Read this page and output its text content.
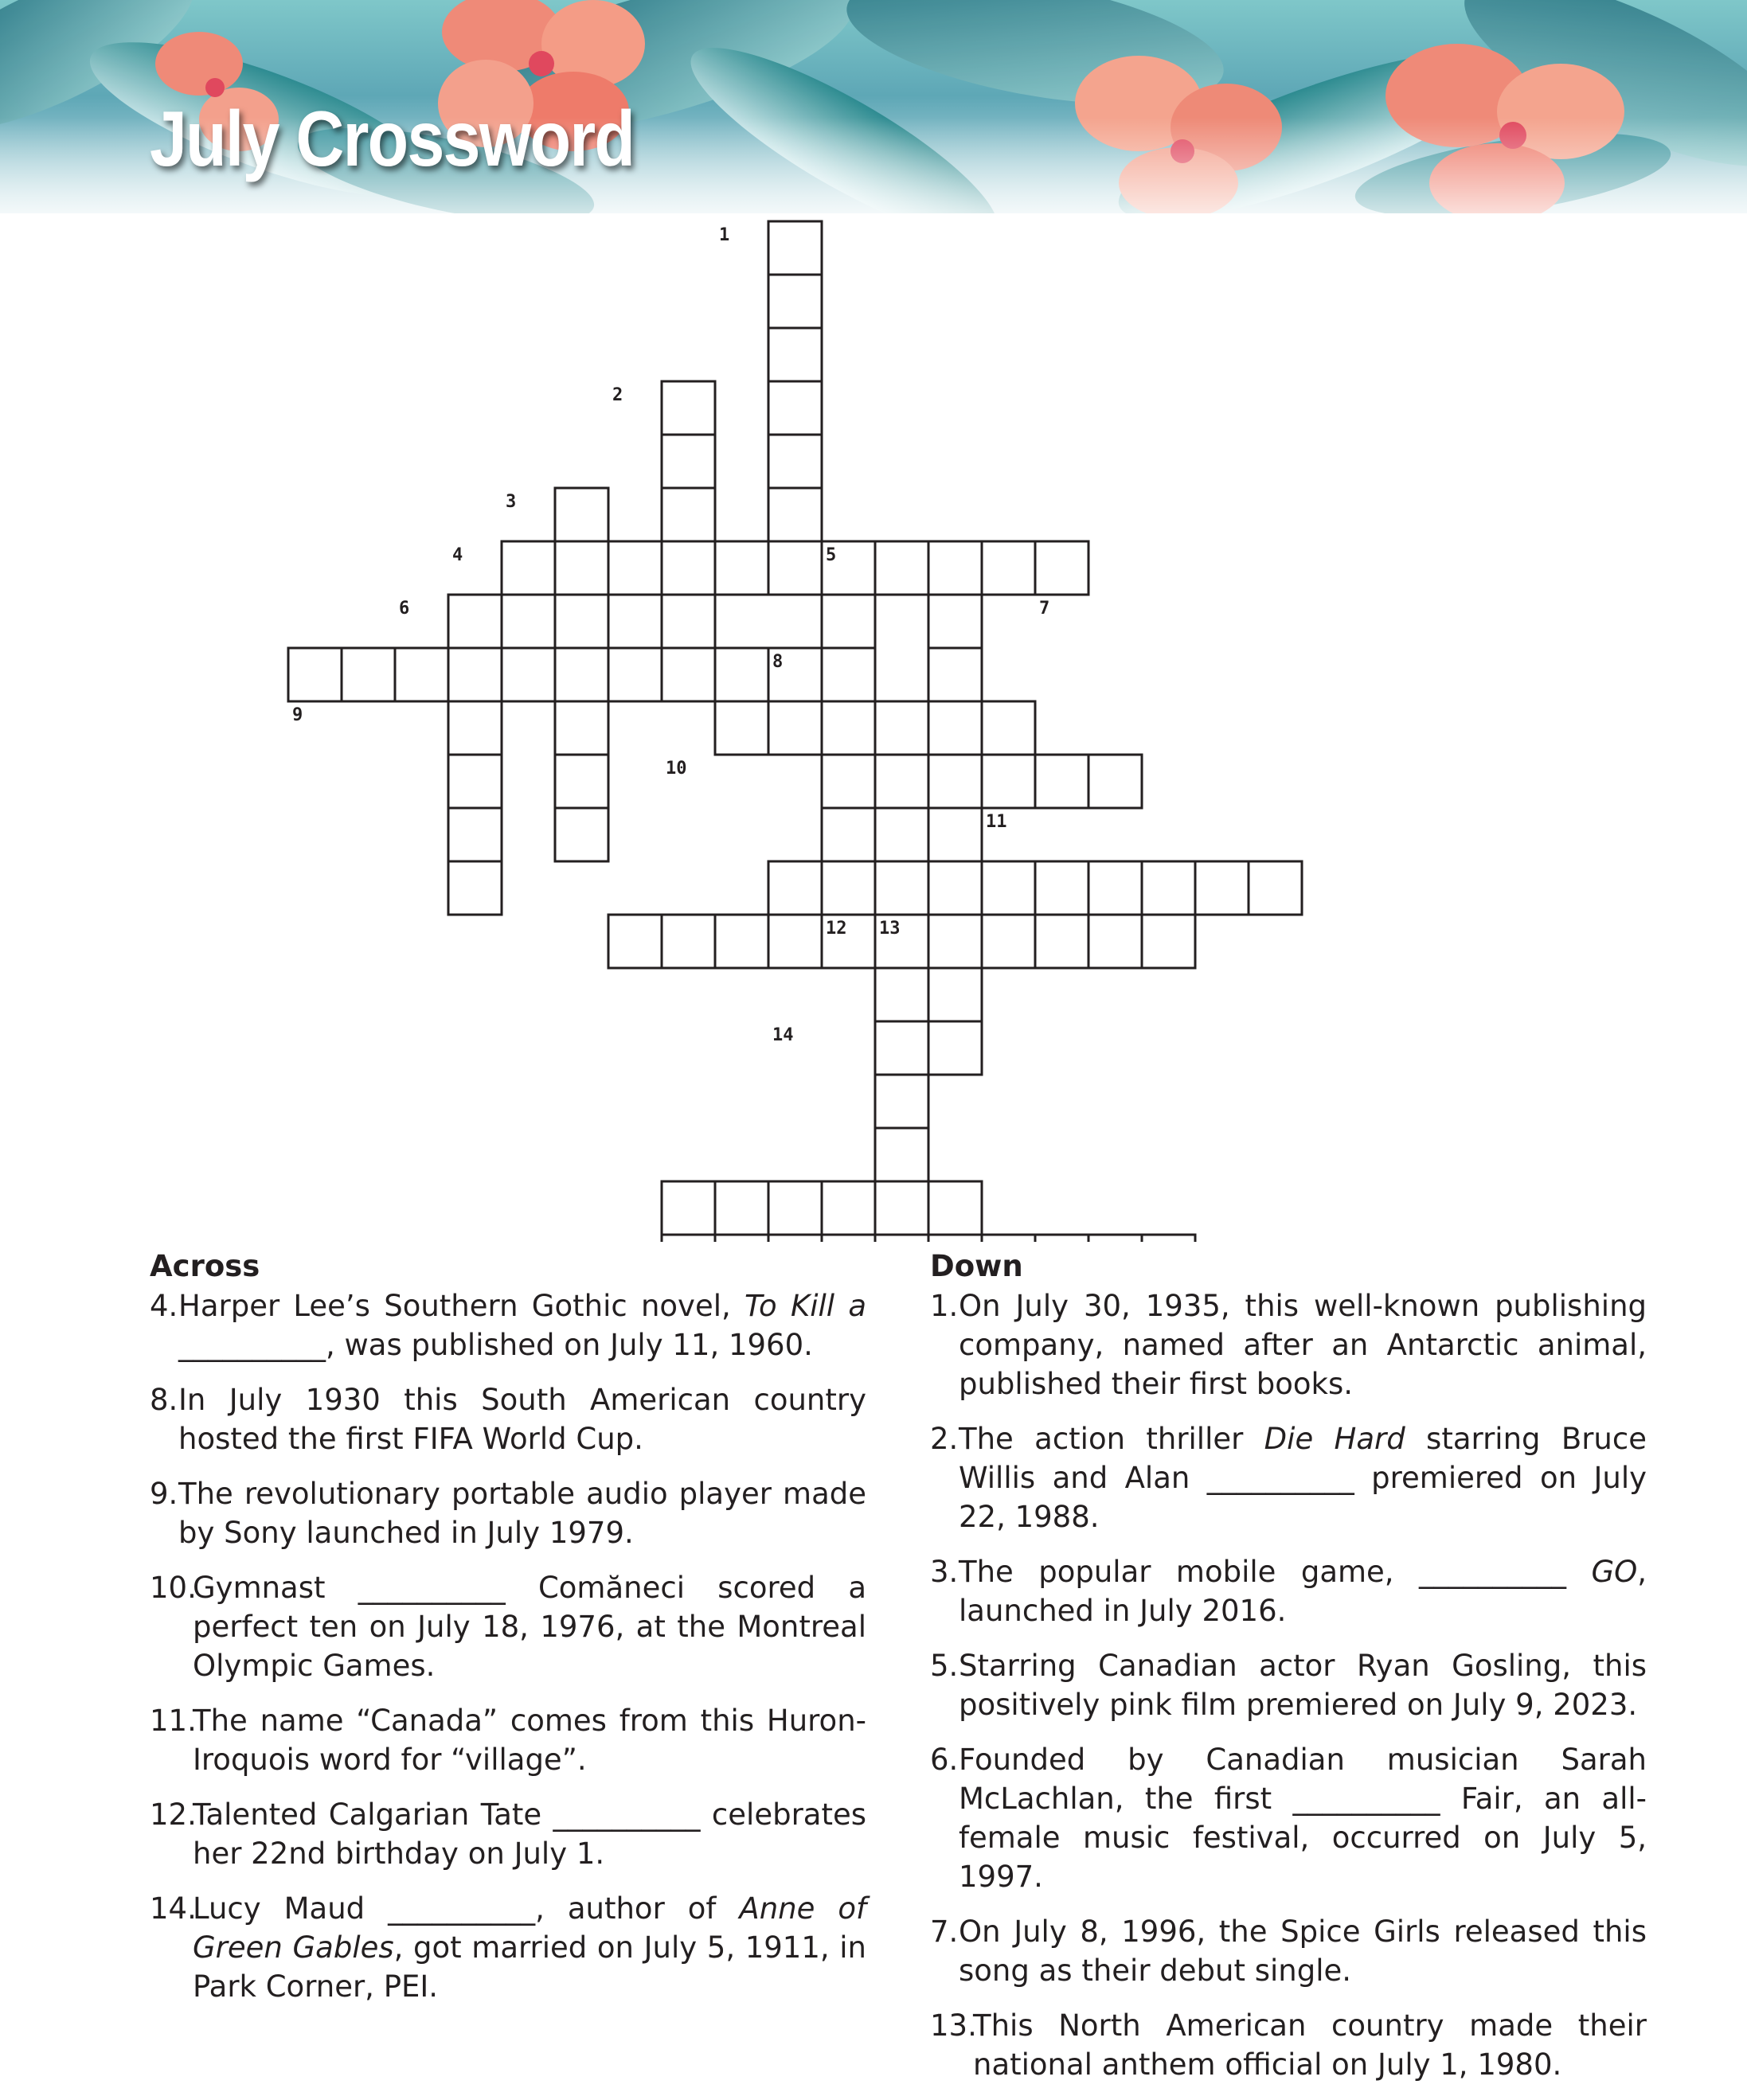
July Crossword
1
2
3
4	5
6	7
8
9
10
11
12 13
14
Across
4. Harper Lee’s Southern Gothic novel, To Kill a __________, was published on July 11, 1960.
8. In July 1930 this South American country hosted the first FIFA World Cup.
9. The revolutionary portable audio player made by Sony launched in July 1979.
10.
Gymnast __________ Comăneci scored a perfect ten on July 18, 1976, at the Montreal Olympic Games.
11.
The name “Canada” comes from this Huron-Iroquois word for “village”.
12.
Talented Calgarian Tate __________ celebrates her 22nd birthday on July 1.
14.
Lucy Maud __________, author of Anne of Green Gables, got married on July 5, 1911, in Park Corner, PEI.
Down
1. On July 30, 1935, this well-known publishing company, named after an Antarctic animal, published their first books.
2. The action thriller Die Hard starring Bruce Willis and Alan __________ premiered on July 22, 1988.
3. The popular mobile game, __________ GO, launched in July 2016.
5. Starring Canadian actor Ryan Gosling, this positively pink film premiered on July 9, 2023.
6. Founded by Canadian musician Sarah McLachlan, the first __________ Fair, an all-female music festival, occurred on July 5, 1997.
7. On July 8, 1996, the Spice Girls released this song as their debut single.
13.
This North American country made their national anthem official on July 1, 1980.
